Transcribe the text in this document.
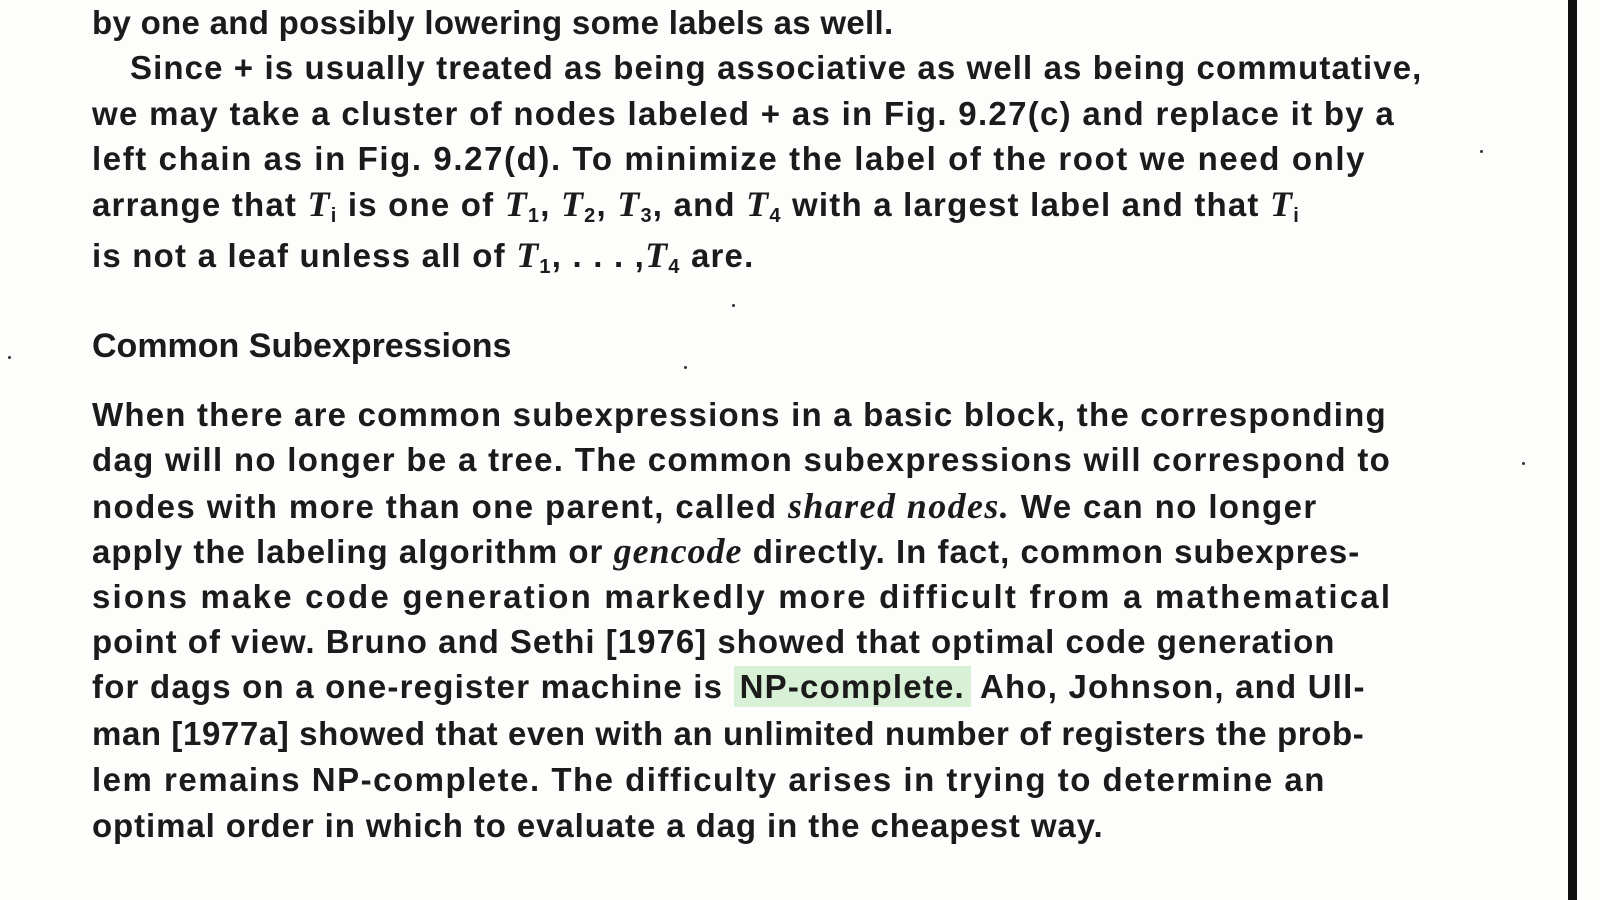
by one and possibly lowering some labels as well.
Since + is usually treated as being associative as well as being commutative,
we may take a cluster of nodes labeled + as in Fig. 9.27(c) and replace it by a
left chain as in Fig. 9.27(d). To minimize the label of the root we need only
arrange that $T_i$ is one of $T_1$, $T_2$, $T_3$, and $T_4$ with a largest label and that $T_i$
is not a leaf unless all of $T_1$, . . . $,T_4$ are.
Common Subexpressions
When there are common subexpressions in a basic block, the corresponding
dag will no longer be a tree. The common subexpressions will correspond to
nodes with more than one parent, called shared nodes. We can no longer
apply the labeling algorithm or gencode directly. In fact, common subexpres-
sions make code generation markedly more difficult from a mathematical
point of view. Bruno and Sethi [1976] showed that optimal code generation
for dags on a one-register machine is NP-complete. Aho, Johnson, and Ull-
man [1977a] showed that even with an unlimited number of registers the prob-
lem remains NP-complete. The difficulty arises in trying to determine an
optimal order in which to evaluate a dag in the cheapest way.
